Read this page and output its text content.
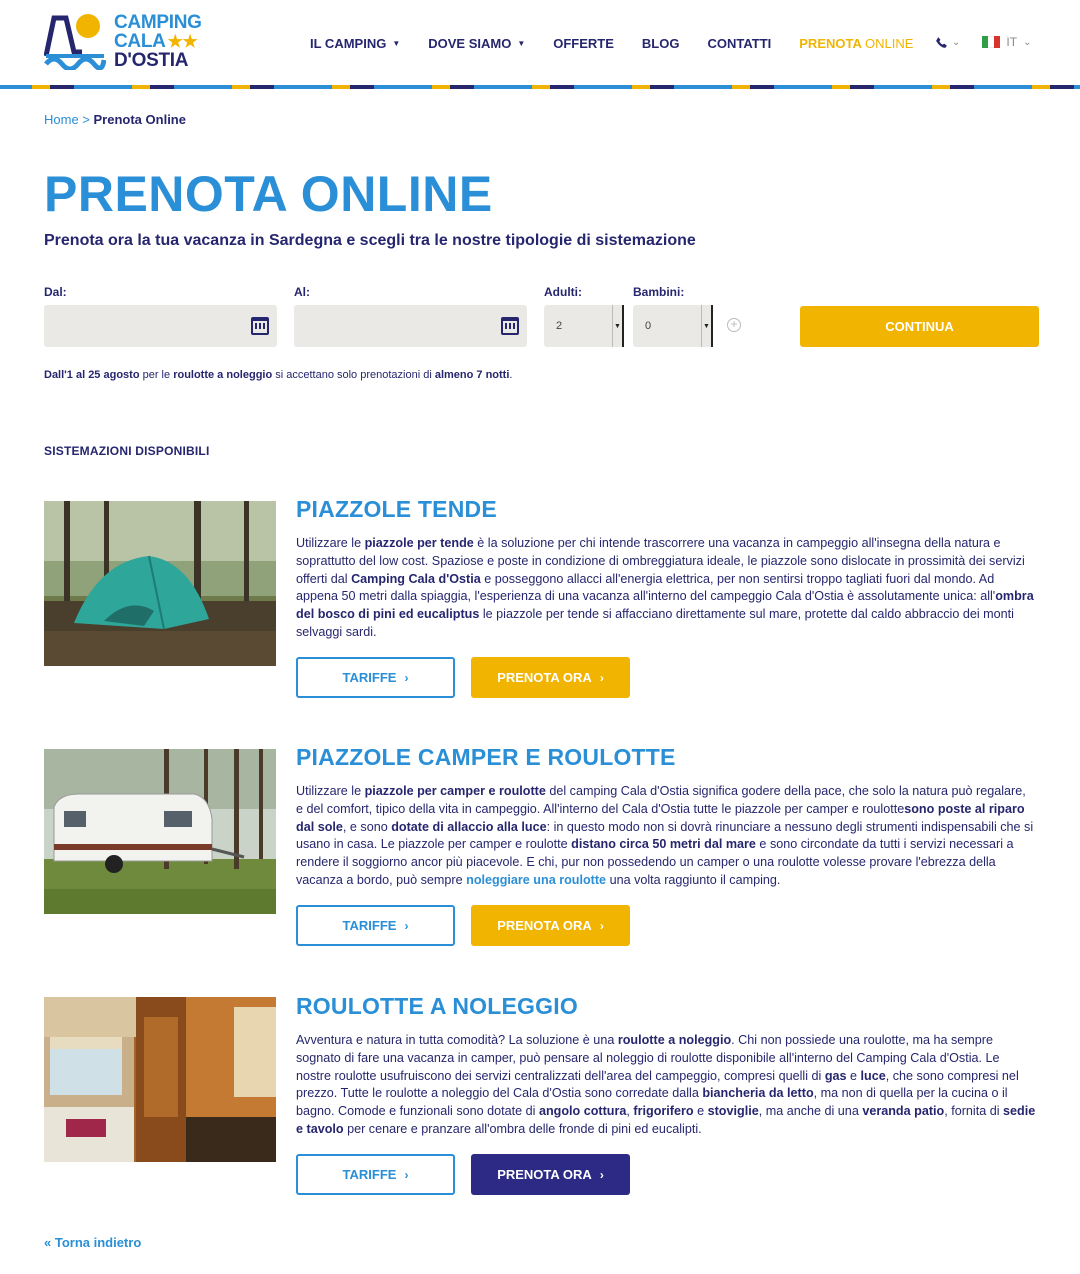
CAMPING
CALA ★★
D'OSTIA
IL CAMPING ▼ DOVE SIAMO ▼ OFFERTE BLOG CONTATTI PRENOTA ONLINE	⌄	IT ⌄
Home > Prenota Online
PRENOTA ONLINE
Prenota ora la tua vacanza in Sardegna e scegli tra le nostre tipologie di sistemazione
Dal:	Al:	Adulti:
2	▼
Bambini:
0	▼ +	CONTINUA
Dall'1 al 25 agosto per le roulotte a noleggio si accettano solo prenotazioni di almeno 7 notti.
SISTEMAZIONI DISPONIBILI
PIAZZOLE TENDE
Utilizzare le piazzole per tende è la soluzione per chi intende trascorrere una vacanza in campeggio all'insegna della natura e soprattutto del low cost. Spaziose e poste in condizione di ombreggiatura ideale, le piazzole sono dislocate in prossimità dei servizi offerti dal Camping Cala d'Ostia e posseggono allacci all'energia elettrica, per non sentirsi troppo tagliati fuori dal mondo. Ad appena 50 metri dalla spiaggia, l'esperienza di una vacanza all'interno del campeggio Cala d'Ostia è assolutamente unica: all'ombra del bosco di pini ed eucaliptus le piazzole per tende si affacciano direttamente sul mare, protette dal caldo abbraccio dei monti selvaggi sardi.
TARIFFE ›	PRENOTA ORA ›
PIAZZOLE CAMPER E ROULOTTE
Utilizzare le piazzole per camper e roulotte del camping Cala d'Ostia significa godere della pace, che solo la natura può regalare, e del comfort, tipico della vita in campeggio. All'interno del Cala d'Ostia tutte le piazzole per camper e roulottesono poste al riparo dal sole, e sono dotate di allaccio alla luce: in questo modo non si dovrà rinunciare a nessuno degli strumenti indispensabili che si usano in casa. Le piazzole per camper e roulotte distano circa 50 metri dal mare e sono circondate da tutti i servizi necessari a rendere il soggiorno ancor più piacevole. E chi, pur non possedendo un camper o una roulotte volesse provare l'ebrezza della vacanza a bordo, può sempre noleggiare una roulotte una volta raggiunto il camping.
TARIFFE ›	PRENOTA ORA ›
ROULOTTE A NOLEGGIO
Avventura e natura in tutta comodità? La soluzione è una roulotte a noleggio. Chi non possiede una roulotte, ma ha sempre sognato di fare una vacanza in camper, può pensare al noleggio di roulotte disponibile all'interno del Camping Cala d'Ostia. Le nostre roulotte usufruiscono dei servizi centralizzati dell'area del campeggio, compresi quelli di gas e luce, che sono compresi nel prezzo. Tutte le roulotte a noleggio del Cala d'Ostia sono corredate dalla biancheria da letto, ma non di quella per la cucina o il bagno. Comode e funzionali sono dotate di angolo cottura, frigorifero e stoviglie, ma anche di una veranda patio, fornita di sedie e tavolo per cenare e pranzare all'ombra delle fronde di pini ed eucalipti.
TARIFFE ›	PRENOTA ORA ›
« Torna indietro
